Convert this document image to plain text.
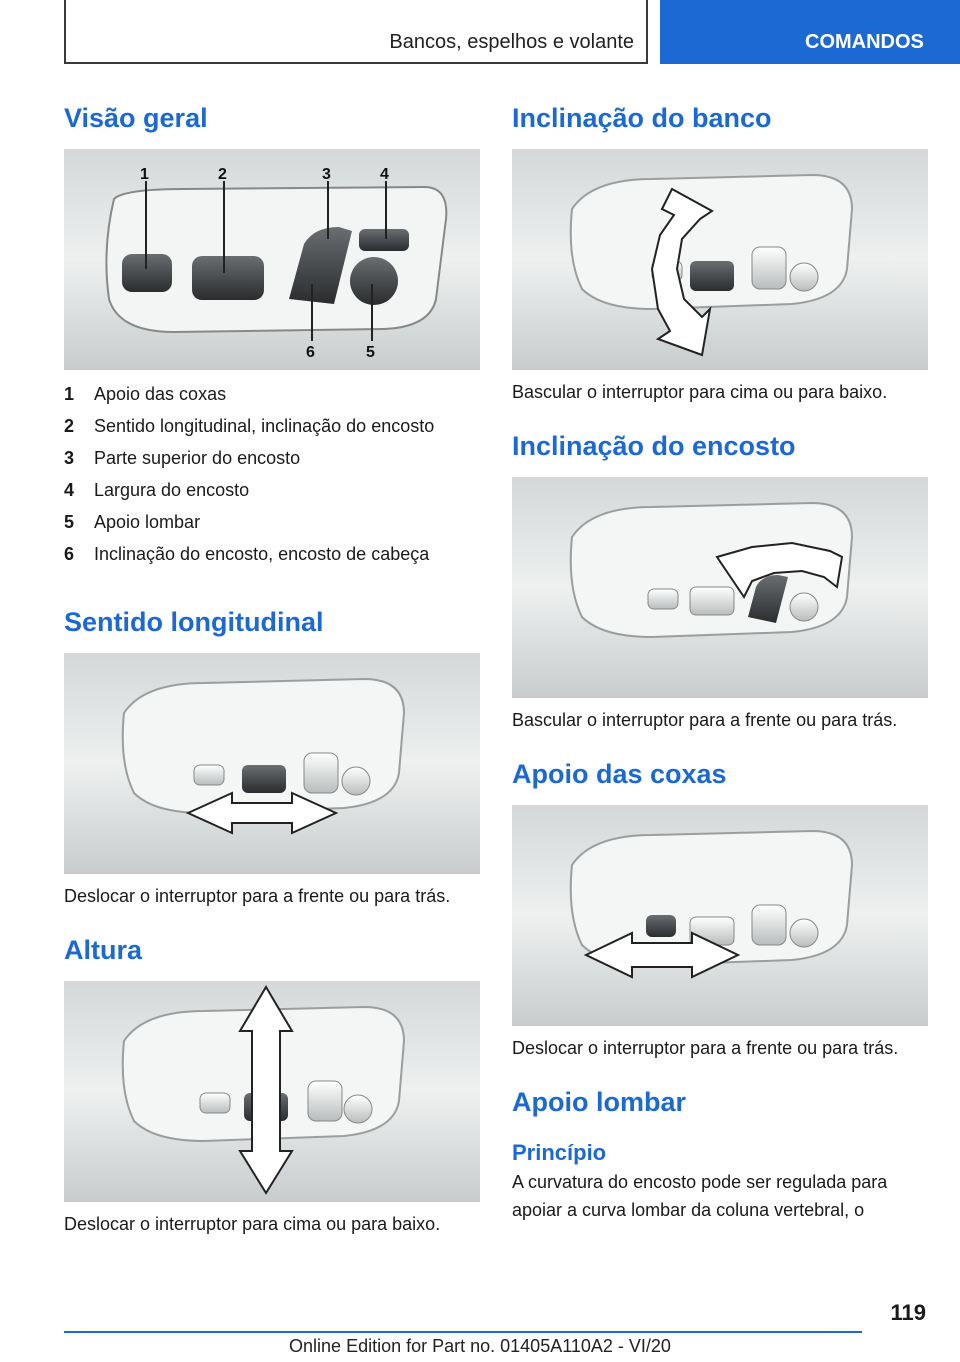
Bancos, espelhos e volante	COMANDOS
Visão geral
1	2	3	4
5
6
1	Apoio das coxas
2	Sentido longitudinal, inclinação do encosto
3	Parte superior do encosto
4	Largura do encosto
5	Apoio lombar
6	Inclinação do encosto, encosto de cabeça
Sentido longitudinal

Deslocar o interruptor para a frente ou para trás.

Altura

Deslocar o interruptor para cima ou para baixo.

Inclinação do banco

Bascular o interruptor para cima ou para baixo.

Inclinação do encosto

Bascular o interruptor para a frente ou para trás.

Apoio das coxas

Deslocar o interruptor para a frente ou para trás.

Apoio lombar
Princípio

A curvatura do encosto pode ser regulada para apoiar a curva lombar da coluna vertebral, o

119
Online Edition for Part no. 01405A110A2 - VI/20
